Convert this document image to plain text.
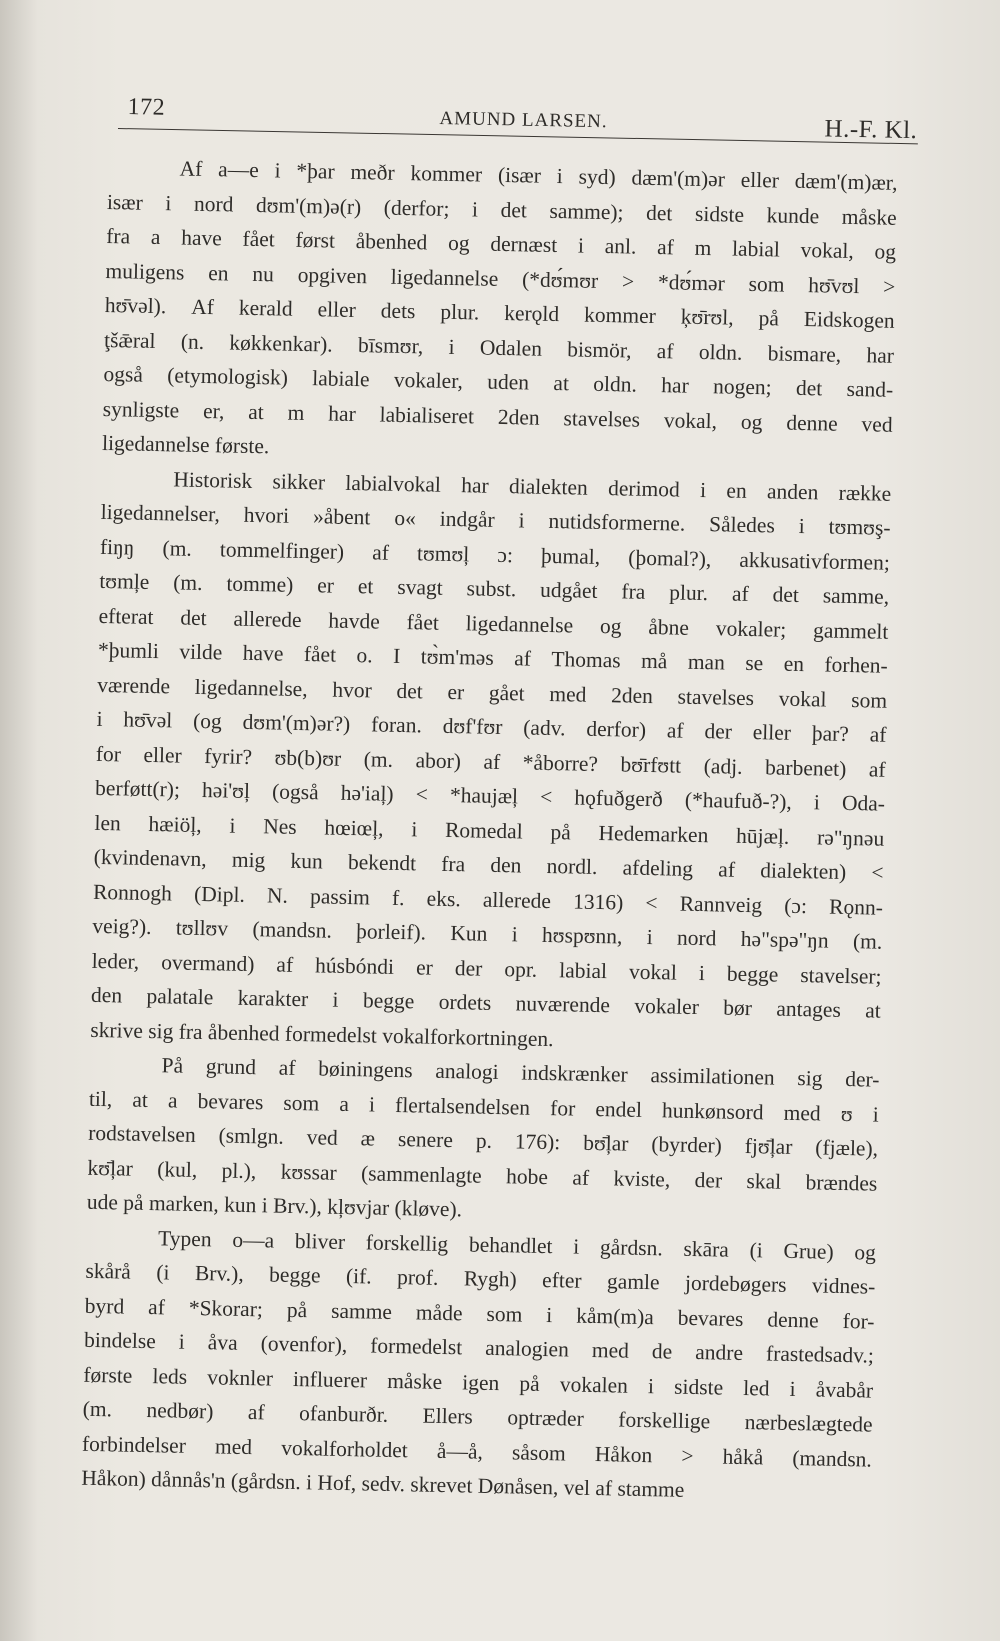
172	AMUND LARSEN.	H.-F. Kl.
Af a—e i *þar meðr kommer (især i syd) dæm'(m)ər eller dæm'(m)ær,
især i nord dʊm'(m)ə(r) (derfor; i det samme); det sidste kunde måske
fra a have fået først åbenhed og dernæst i anl. af m labial vokal, og
muligens en nu opgiven ligedannelse (*dʊ́mʊr > *dʊ́mər som hʊ̄vʊl >
hʊ̄vəl). Af kerald eller dets plur. kerǫld kommer ķʊ̄rʊl, på Eidskogen
ţšǣral (n. køkkenkar). bīsmʊr, i Odalen bismör, af oldn. bismare, har
også (etymologisk) labiale vokaler, uden at oldn. har nogen; det sand-
synligste er, at m har labialiseret 2den stavelses vokal, og denne ved
ligedannelse første.
Historisk sikker labialvokal har dialekten derimod i en anden række
ligedannelser, hvori »åbent o« indgår i nutidsformerne. Således i tʊmʊş-
fiŋŋ (m. tommelfinger) af tʊmʊļ ɔ: þumal, (þomal?), akkusativformen;
tʊmļe (m. tomme) er et svagt subst. udgået fra plur. af det samme,
efterat det allerede havde fået ligedannelse og åbne vokaler; gammelt
*þumli vilde have fået o. I tʊ̀m'məs af Thomas må man se en forhen-
værende ligedannelse, hvor det er gået med 2den stavelses vokal som
i hʊ̄vəl (og dʊm'(m)ər?) foran. dʊf'fʊr (adv. derfor) af der eller þar? af
for eller fyrir? ʊb(b)ʊr (m. abor) af *åborre? bʊ̄rfʊtt (adj. barbenet) af
berføtt(r); həi'ʊļ (også hə'iaļ) < *haujæļ < hǫfuðgerð (*haufuð-?), i Oda-
len hæiöļ, i Nes hœiœļ, i Romedal på Hedemarken hūjæļ. rə"ŋnəu
(kvindenavn, mig kun bekendt fra den nordl. afdeling af dialekten) <
Ronnogh (Dipl. N. passim f. eks. allerede 1316) < Rannveig (ɔ: Rǫnn-
veig?). tʊllʊv (mandsn. þorleif). Kun i hʊspʊnn, i nord hə"spə"ŋn (m.
leder, overmand) af húsbóndi er der opr. labial vokal i begge stavelser;
den palatale karakter i begge ordets nuværende vokaler bør antages at
skrive sig fra åbenhed formedelst vokalforkortningen.
På grund af bøiningens analogi indskrænker assimilationen sig der-
til, at a bevares som a i flertalsendelsen for endel hunkønsord med ʊ i
rodstavelsen (smlgn. ved æ senere p. 176): bʊ̄ļar (byrder) fjʊ̄ļar (fjæle),
kʊ̄ļar (kul, pl.), kʊssar (sammenlagte hobe af kviste, der skal brændes
ude på marken, kun i Brv.), kļʊvjar (kløve).
Typen o—a bliver forskellig behandlet i gårdsn. skāra (i Grue) og
skårå (i Brv.), begge (if. prof. Rygh) efter gamle jordebøgers vidnes-
byrd af *Skorar; på samme måde som i kåm(m)a bevares denne for-
bindelse i åva (ovenfor), formedelst analogien med de andre frastedsadv.;
første leds voknler influerer måske igen på vokalen i sidste led i åvabår
(m. nedbør) af ofanburðr. Ellers optræder forskellige nærbeslægtede
forbindelser med vokalforholdet å—å, såsom Håkon > håkå (mandsn.
Håkon) dånnås'n (gårdsn. i Hof, sedv. skrevet Dønåsen, vel af stamme
